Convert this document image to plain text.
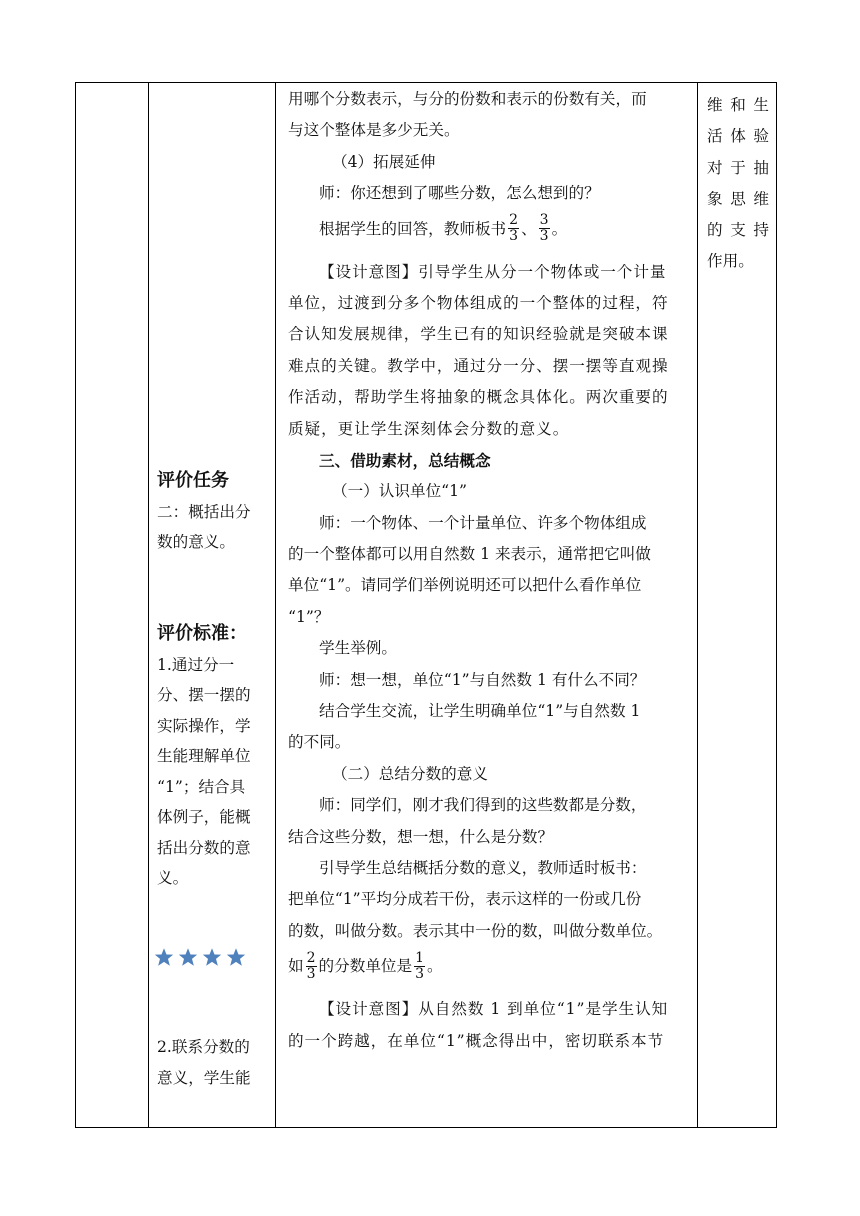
评价任务
二：概括出分
数的意义。
评价标准：
1.通过分一
分、摆一摆的
实际操作，学
生能理解单位
“1”；结合具
体例子，能概
括出分数的意
义。
2.联系分数的
意义，学生能
用哪个分数表示，与分的份数和表示的份数有关，而
与这个整体是多少无关。
（4）拓展延伸
师：你还想到了哪些分数，怎么想到的？
根据学生的回答，教师板书 $\frac{2}{3}$ 、 $\frac{3}{3}$ 。
【设计意图】引导学生从分一个物体或一个计量
单位，过渡到分多个物体组成的一个整体的过程，符
合认知发展规律，学生已有的知识经验就是突破本课
难点的关键。教学中，通过分一分、摆一摆等直观操
作活动，帮助学生将抽象的概念具体化。两次重要的
质疑，更让学生深刻体会分数的意义。
三、借助素材，总结概念
（一）认识单位“1”
师：一个物体、一个计量单位、许多个物体组成
的一个整体都可以用自然数 1 来表示，通常把它叫做
单位“1”。请同学们举例说明还可以把什么看作单位
“1”？
学生举例。
师：想一想，单位“1”与自然数 1 有什么不同？
结合学生交流，让学生明确单位“1”与自然数 1
的不同。
（二）总结分数的意义
师：同学们，刚才我们得到的这些数都是分数，
结合这些分数，想一想，什么是分数？
引导学生总结概括分数的意义，教师适时板书：
把单位“1”平均分成若干份，表示这样的一份或几份
的数，叫做分数。表示其中一份的数，叫做分数单位。
如 $\frac{2}{3}$ 的分数单位是 $\frac{1}{3}$ 。
【设计意图】从自然数 1 到单位“1”是学生认知
的一个跨越，在单位“1”概念得出中，密切联系本节
维 和 生
活 体 验
对 于 抽
象 思 维
的 支 持
作用。
